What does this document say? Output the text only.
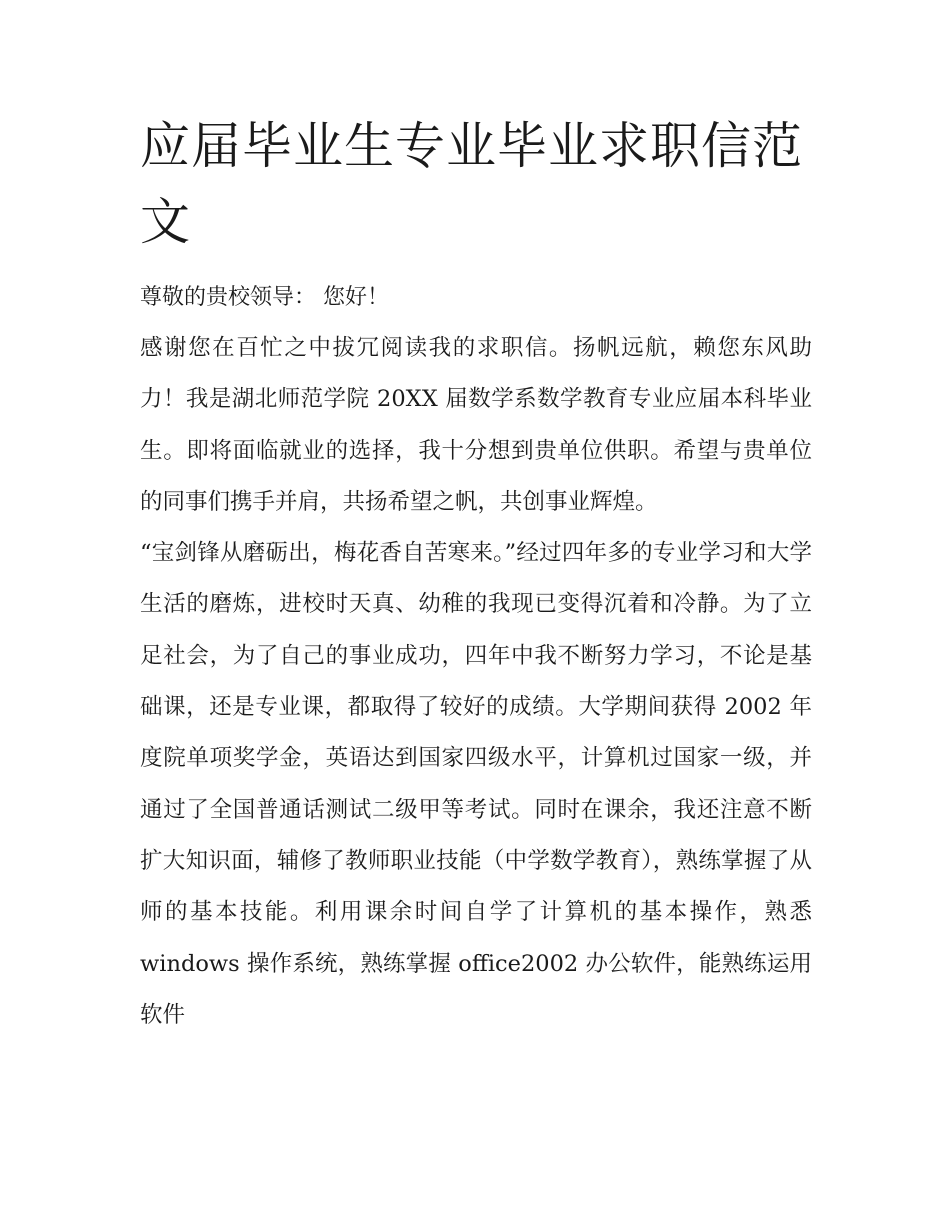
应届毕业生专业毕业求职信范文

尊敬的贵校领导： 您好！

感谢您在百忙之中拔冗阅读我的求职信。扬帆远航，赖您东风助力！我是湖北师范学院 20XX 届数学系数学教育专业应届本科毕业生。即将面临就业的选择，我十分想到贵单位供职。希望与贵单位的同事们携手并肩，共扬希望之帆，共创事业辉煌。

“宝剑锋从磨砺出，梅花香自苦寒来。”经过四年多的专业学习和大学生活的磨炼，进校时天真、幼稚的我现已变得沉着和冷静。为了立足社会，为了自己的事业成功，四年中我不断努力学习，不论是基础课，还是专业课，都取得了较好的成绩。大学期间获得 2002 年度院单项奖学金，英语达到国家四级水平，计算机过国家一级，并通过了全国普通话测试二级甲等考试。同时在课余，我还注意不断扩大知识面，辅修了教师职业技能（中学数学教育），熟练掌握了从师的基本技能。利用课余时间自学了计算机的基本操作，熟悉 windows 操作系统，熟练掌握 office2002 办公软件，能熟练运用软件
